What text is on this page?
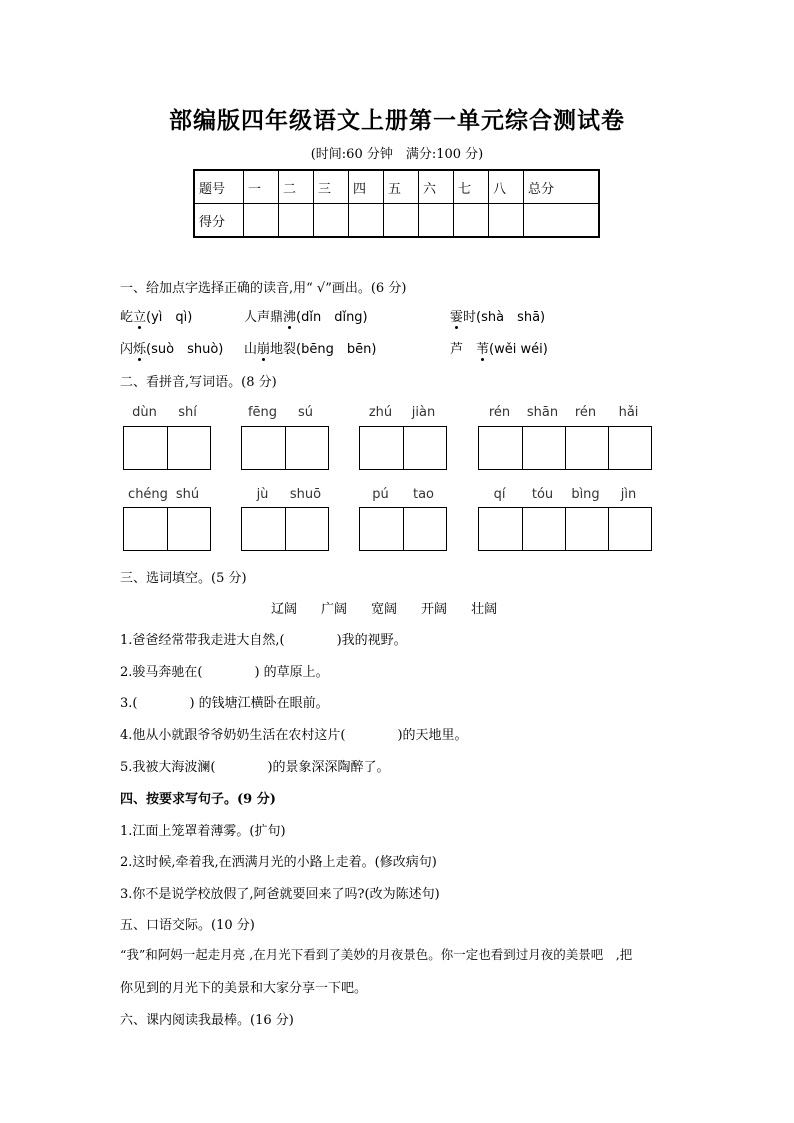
部编版四年级语文上册第一单元综合测试卷
(时间:60 分钟　满分:100 分)
题号	一	二	三	四	五	六	七	八	总分
得分									
一、给加点字选择正确的读音,用“ √”画出。(6 分)
屹立(yì　qì)	人声鼎沸(dǐn　dǐng)	霎时(shà　shā)
闪烁(suò　shuò) 山崩地裂(bēng　bēn)	芦　苇(wěi wéi)
二、看拼音,写词语。(8 分)
dùn	shí	fēng	sú	zhú	jiàn	rén	shān	rén	hǎi
chéng shú	jù	shuō	pú	tao	qí	tóu	bìng	jìn
三、选词填空。(5 分)
辽阔 广阔 宽阔 开阔 壮阔
1.爸爸经常带我走进大自然,(　　　　)我的视野。
2.骏马奔驰在(　　　　) 的草原上。
3.(　　　　) 的钱塘江横卧在眼前。
4.他从小就跟爷爷奶奶生活在农村这片(　　　　)的天地里。
5.我被大海波澜(　　　　)的景象深深陶醉了。
四、按要求写句子。(9 分)
1.江面上笼罩着薄雾。(扩句)
2.这时候,牵着我,在洒满月光的小路上走着。(修改病句)
3.你不是说学校放假了,阿爸就要回来了吗?(改为陈述句)
五、口语交际。(10 分)
“我”和阿妈一起走月亮 ,在月光下看到了美妙的月夜景色。你一定也看到过月夜的美景吧　,把
你见到的月光下的美景和大家分享一下吧。
六、课内阅读我最棒。(16 分)
